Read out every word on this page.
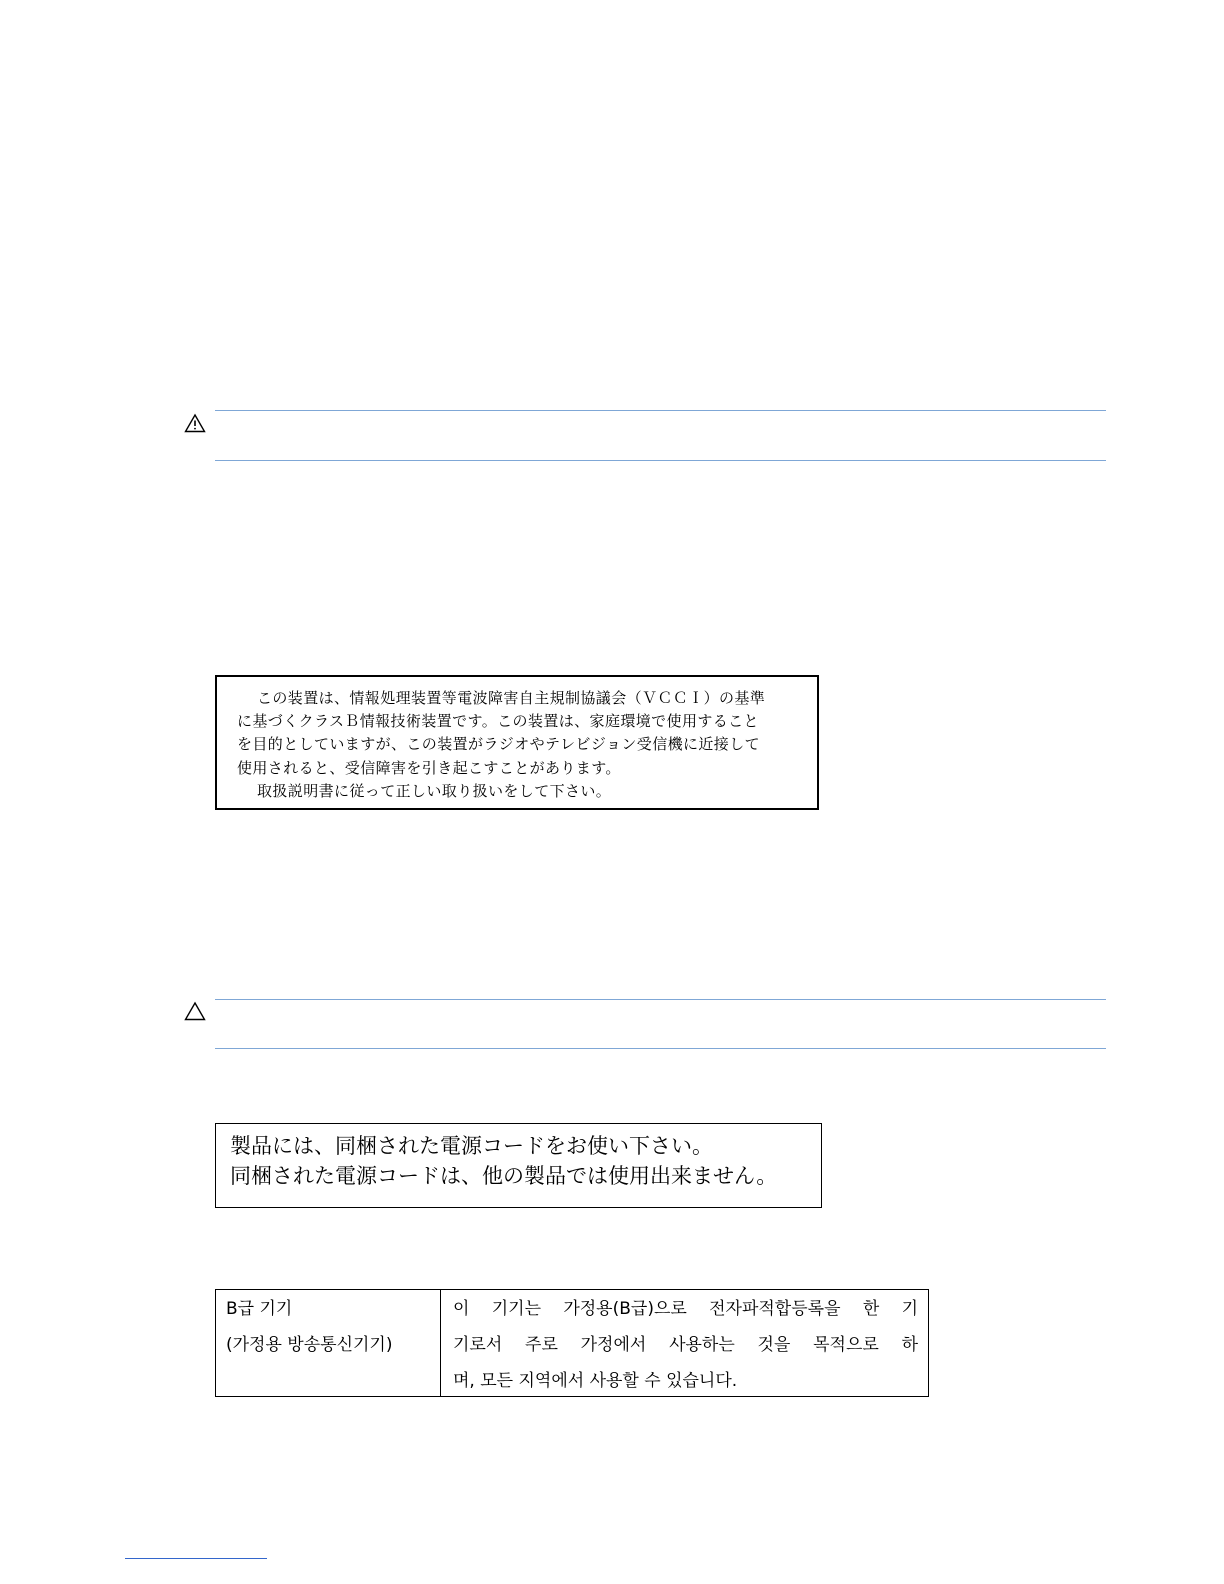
この装置は、情報処理装置等電波障害自主規制協議会（ＶＣＣＩ）の基準
に基づくクラスＢ情報技術装置です。この装置は、家庭環境で使用すること
を目的としていますが、この装置がラジオやテレビジョン受信機に近接して
使用されると、受信障害を引き起こすことがあります。
取扱説明書に従って正しい取り扱いをして下さい。
製品には、同梱された電源コードをお使い下さい。
同梱された電源コードは、他の製品では使用出来ません。
B급 기기
(가정용 방송통신기기)
이 기기는 가정용(B급)으로 전자파적합등록을 한 기
기로서 주로 가정에서 사용하는 것을 목적으로 하
며, 모든 지역에서 사용할 수 있습니다.
